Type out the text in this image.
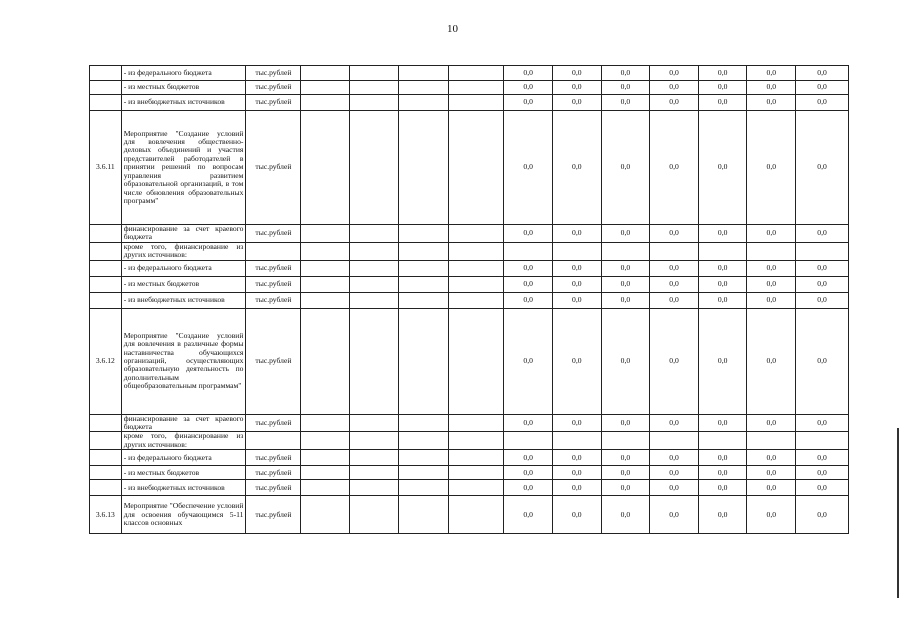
10
	- из федерального бюджета	тыс.рублей					0,0	0,0	0,0	0,0	0,0	0,0	0,0
	- из местных бюджетов	тыс.рублей					0,0	0,0	0,0	0,0	0,0	0,0	0,0
	- из внебюджетных источников	тыс.рублей					0,0	0,0	0,0	0,0	0,0	0,0	0,0
3.6.11	Мероприятие "Создание условий для вовлечения общественно-деловых объединений и участия представителей работодателей в принятии решений по вопросам управления развитием образовательной организаций, в том числе обновления образовательных программ"	тыс.рублей					0,0	0,0	0,0	0,0	0,0	0,0	0,0
	финансирование за счет краевого бюджета	тыс.рублей					0,0	0,0	0,0	0,0	0,0	0,0	0,0
	кроме того, финансирование из других источников:												
	- из федерального бюджета	тыс.рублей					0,0	0,0	0,0	0,0	0,0	0,0	0,0
	- из местных бюджетов	тыс.рублей					0,0	0,0	0,0	0,0	0,0	0,0	0,0
	- из внебюджетных источников	тыс.рублей					0,0	0,0	0,0	0,0	0,0	0,0	0,0
3.6.12	Мероприятие "Создание условий для вовлечения в различные формы наставничества обучающихся организаций, осуществляющих образовательную деятельность по дополнительным общеобразовательным программам"	тыс.рублей					0,0	0,0	0,0	0,0	0,0	0,0	0,0
	финансирование за счет краевого бюджета	тыс.рублей					0,0	0,0	0,0	0,0	0,0	0,0	0,0
	кроме того, финансирование из других источников:												
	- из федерального бюджета	тыс.рублей					0,0	0,0	0,0	0,0	0,0	0,0	0,0
	- из местных бюджетов	тыс.рублей					0,0	0,0	0,0	0,0	0,0	0,0	0,0
	- из внебюджетных источников	тыс.рублей					0,0	0,0	0,0	0,0	0,0	0,0	0,0
3.6.13	Мероприятие "Обеспечение условий для освоения обучающимся 5-11 классов основных	тыс.рублей					0,0	0,0	0,0	0,0	0,0	0,0	0,0
